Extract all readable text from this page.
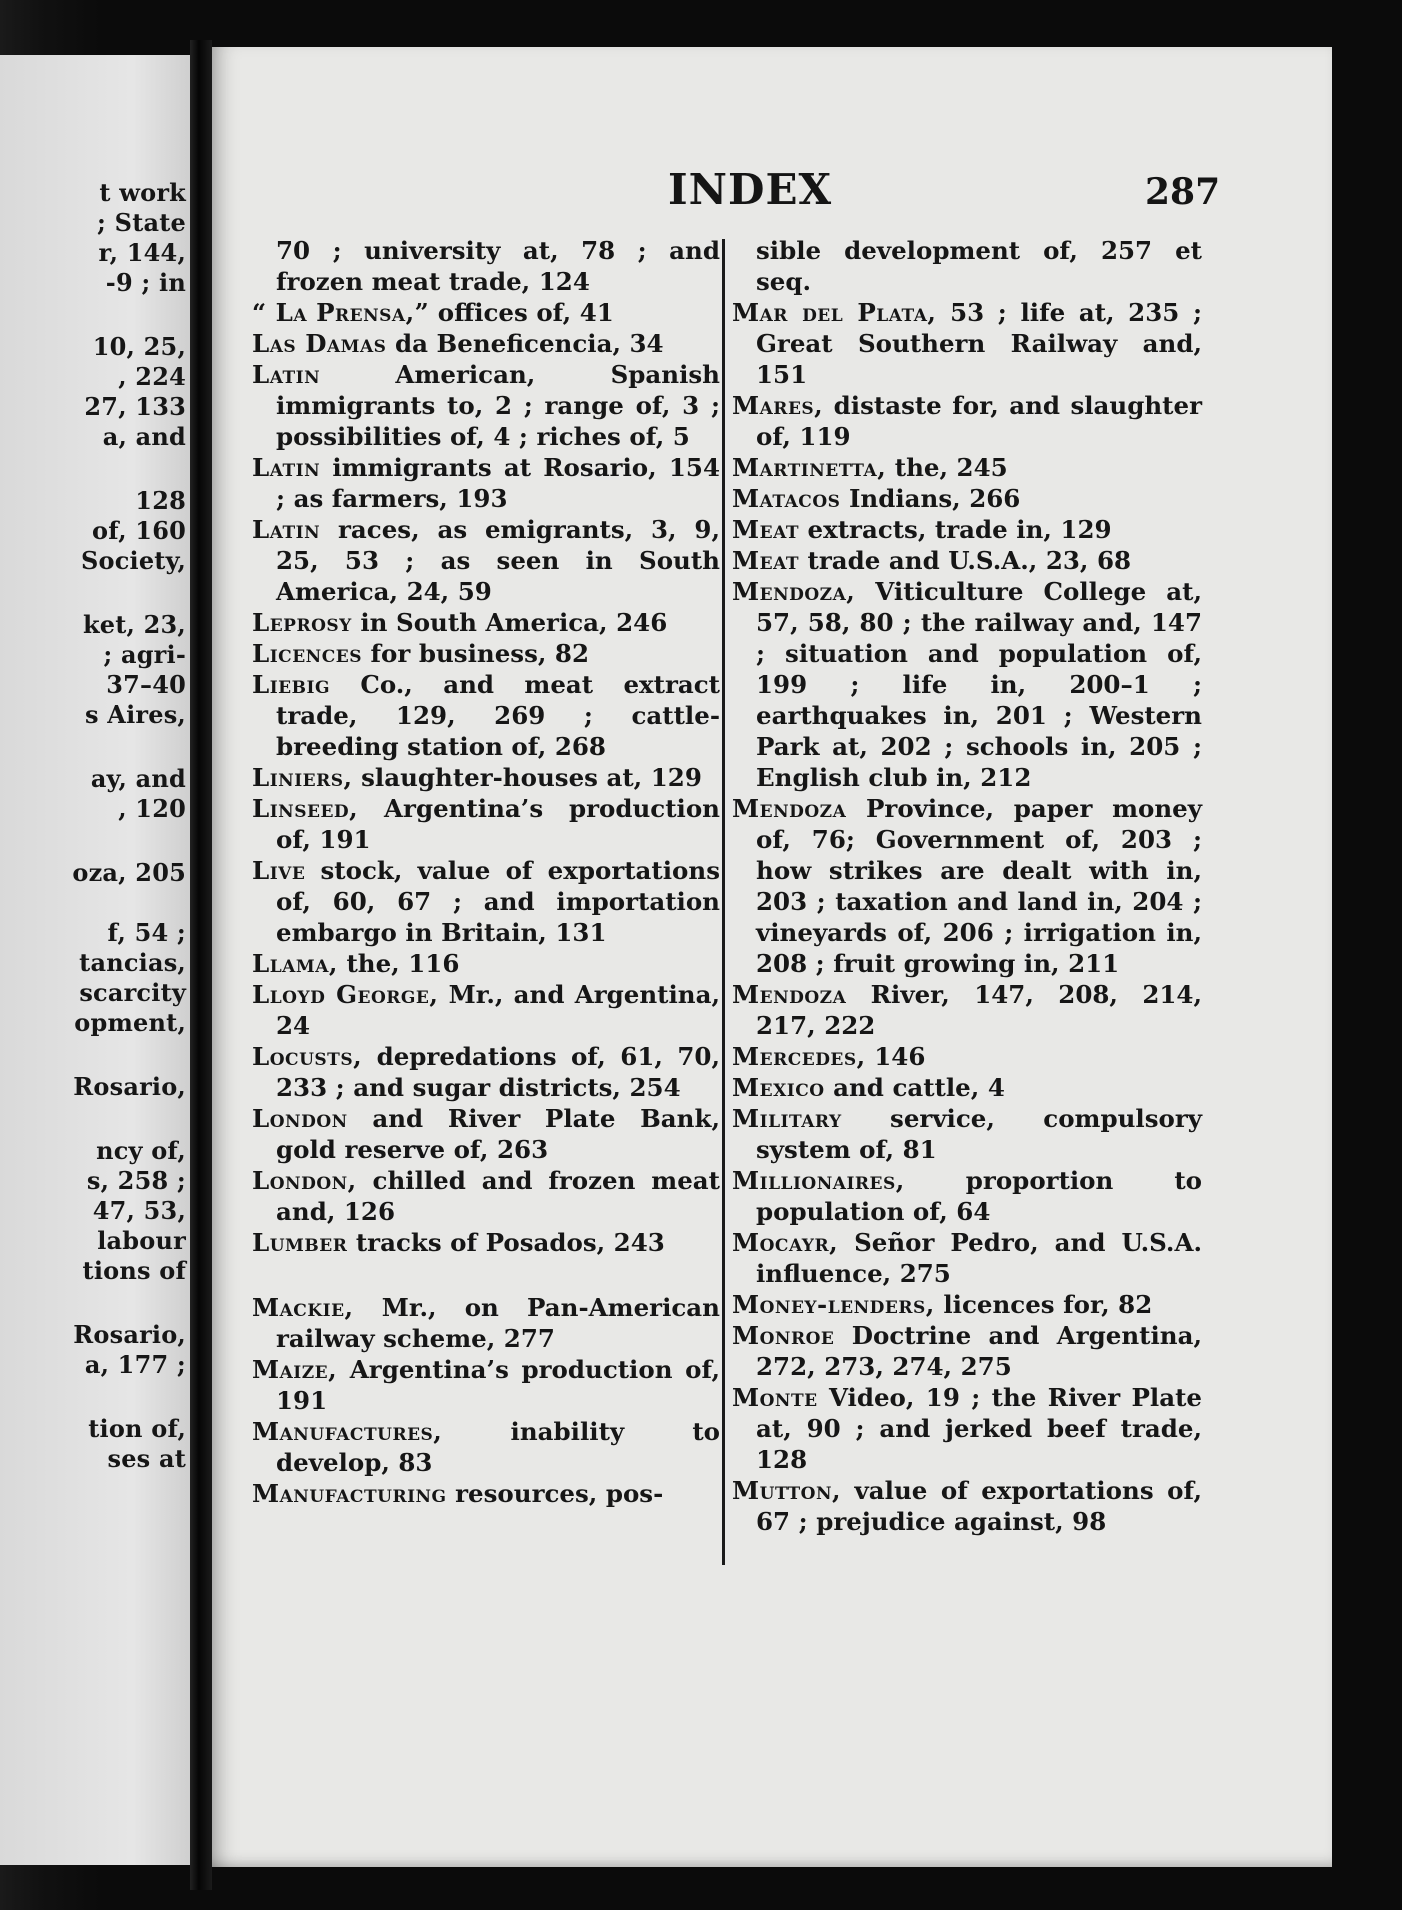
t work
; State
r, 144,
-9 ; in
10, 25,
, 224
27, 133
a, and
128
of, 160
Society,
ket, 23,
; agri-
37–40
s Aires,
ay, and
, 120
oza, 205
f, 54 ;
tancias,
scarcity
opment,
Rosario,
ncy of,
s, 258 ;
47, 53,
labour
tions of
Rosario,
a, 177 ;
tion of,
ses at
INDEX	287
70 ; university at, 78 ; and frozen meat trade, 124
“ La Prensa,” offices of, 41
Las Damas da Beneficencia, 34
Latin American, Spanish immigrants to, 2 ; range of, 3 ; possibilities of, 4 ; riches of, 5
Latin immigrants at Rosario, 154 ; as farmers, 193
Latin races, as emigrants, 3, 9, 25, 53 ; as seen in South America, 24, 59
Leprosy in South America, 246
Licences for business, 82
Liebig Co., and meat extract trade, 129, 269 ; cattle-breeding station of, 268
Liniers, slaughter-houses at, 129
Linseed, Argentina’s production of, 191
Live stock, value of exportations of, 60, 67 ; and importation embargo in Britain, 131
Llama, the, 116
Lloyd George, Mr., and Argentina, 24
Locusts, depredations of, 61, 70, 233 ; and sugar districts, 254
London and River Plate Bank, gold reserve of, 263
London, chilled and frozen meat and, 126
Lumber tracks of Posados, 243
Mackie, Mr., on Pan-American railway scheme, 277
Maize, Argentina’s production of, 191
Manufactures, inability to develop, 83
Manufacturing resources, pos-
sible development of, 257 et seq.
Mar del Plata, 53 ; life at, 235 ; Great Southern Railway and, 151
Mares, distaste for, and slaughter of, 119
Martinetta, the, 245
Matacos Indians, 266
Meat extracts, trade in, 129
Meat trade and U.S.A., 23, 68
Mendoza, Viticulture College at, 57, 58, 80 ; the railway and, 147 ; situation and population of, 199 ; life in, 200–1 ; earthquakes in, 201 ; Western Park at, 202 ; schools in, 205 ; English club in, 212
Mendoza Province, paper money of, 76; Government of, 203 ; how strikes are dealt with in, 203 ; taxation and land in, 204 ; vineyards of, 206 ; irrigation in, 208 ; fruit growing in, 211
Mendoza River, 147, 208, 214, 217, 222
Mercedes, 146
Mexico and cattle, 4
Military service, compulsory system of, 81
Millionaires, proportion to population of, 64
Mocayr, Señor Pedro, and U.S.A. influence, 275
Money-lenders, licences for, 82
Monroe Doctrine and Argentina, 272, 273, 274, 275
Monte Video, 19 ; the River Plate at, 90 ; and jerked beef trade, 128
Mutton, value of exportations of, 67 ; prejudice against, 98
